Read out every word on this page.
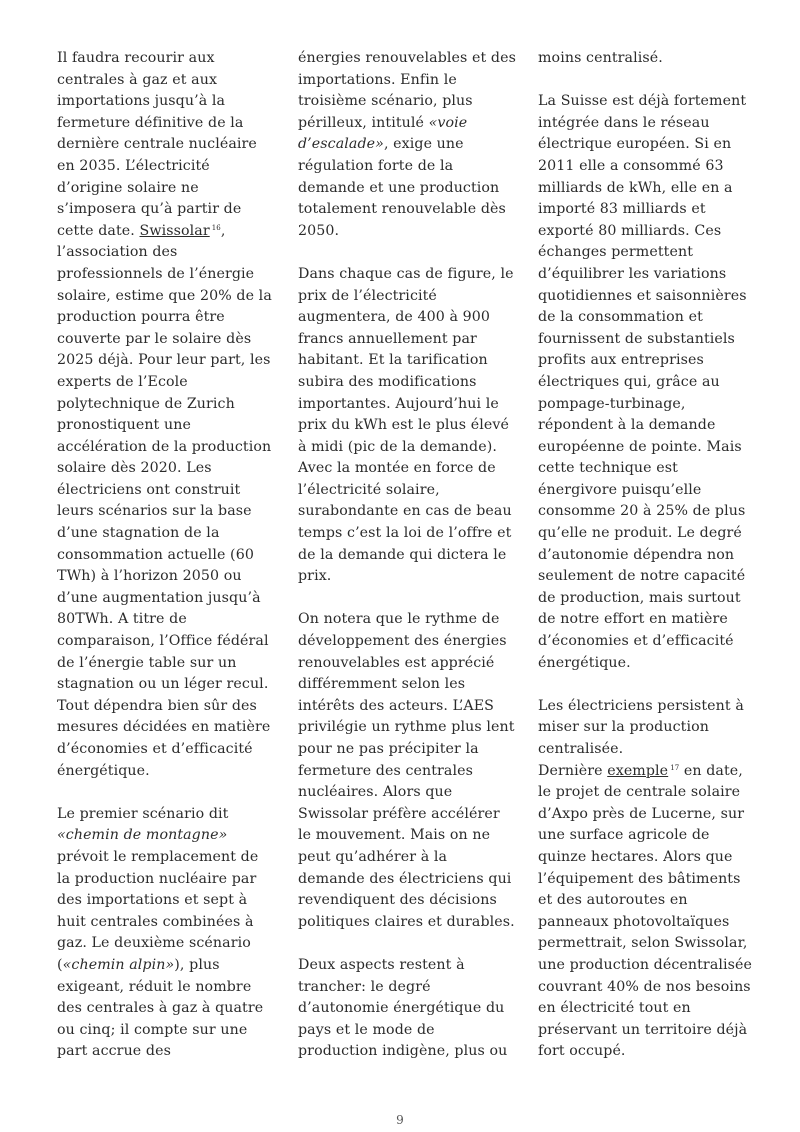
Il faudra recourir aux centrales à gaz et aux importations jusqu’à la fermeture définitive de la dernière centrale nucléaire en 2035. L’électricité d’origine solaire ne s’imposera qu’à partir de cette date. Swissolar $^{16}$, l’association des professionnels de l’énergie solaire, estime que 20% de la production pourra être couverte par le solaire dès 2025 déjà. Pour leur part, les experts de l’Ecole polytechnique de Zurich pronostiquent une accélération de la production solaire dès 2020. Les électriciens ont construit leurs scénarios sur la base d’une stagnation de la consommation actuelle (60 TWh) à l’horizon 2050 ou d’une augmentation jusqu’à 80TWh. A titre de comparaison, l’Office fédéral de l’énergie table sur un stagnation ou un léger recul. Tout dépendra bien sûr des mesures décidées en matière d’économies et d’efficacité énergétique.

Le premier scénario dit «chemin de montagne» prévoit le remplacement de la production nucléaire par des importations et sept à huit centrales combinées à gaz. Le deuxième scénario («chemin alpin»), plus exigeant, réduit le nombre des centrales à gaz à quatre ou cinq; il compte sur une part accrue des

énergies renouvelables et des importations. Enfin le troisième scénario, plus périlleux, intitulé «voie d’escalade», exige une régulation forte de la demande et une production totalement renouvelable dès 2050.

Dans chaque cas de figure, le prix de l’électricité augmentera, de 400 à 900 francs annuellement par habitant. Et la tarification subira des modifications importantes. Aujourd’hui le prix du kWh est le plus élevé à midi (pic de la demande). Avec la montée en force de l’électricité solaire, surabondante en cas de beau temps c’est la loi de l’offre et de la demande qui dictera le prix.

On notera que le rythme de développement des énergies renouvelables est apprécié différemment selon les intérêts des acteurs. L’AES privilégie un rythme plus lent pour ne pas précipiter la fermeture des centrales nucléaires. Alors que Swissolar préfère accélérer le mouvement. Mais on ne peut qu’adhérer à la demande des électriciens qui revendiquent des décisions politiques claires et durables.

Deux aspects restent à trancher: le degré d’autonomie énergétique du pays et le mode de production indigène, plus ou

moins centralisé.

La Suisse est déjà fortement intégrée dans le réseau électrique européen. Si en 2011 elle a consommé 63 milliards de kWh, elle en a importé 83 milliards et exporté 80 milliards. Ces échanges permettent d’équilibrer les variations quotidiennes et saisonnières de la consommation et fournissent de substantiels profits aux entreprises électriques qui, grâce au pompage-turbinage, répondent à la demande européenne de pointe. Mais cette technique est énergivore puisqu’elle consomme 20 à 25% de plus qu’elle ne produit. Le degré d’autonomie dépendra non seulement de notre capacité de production, mais surtout de notre effort en matière d’économies et d’efficacité énergétique.

Les électriciens persistent à miser sur la production centralisée.

Dernière exemple $^{17}$ en date, le projet de centrale solaire d’Axpo près de Lucerne, sur une surface agricole de quinze hectares. Alors que l’équipement des bâtiments et des autoroutes en panneaux photovoltaïques permettrait, selon Swissolar, une production décentralisée couvrant 40% de nos besoins en électricité tout en préservant un territoire déjà fort occupé.

9
